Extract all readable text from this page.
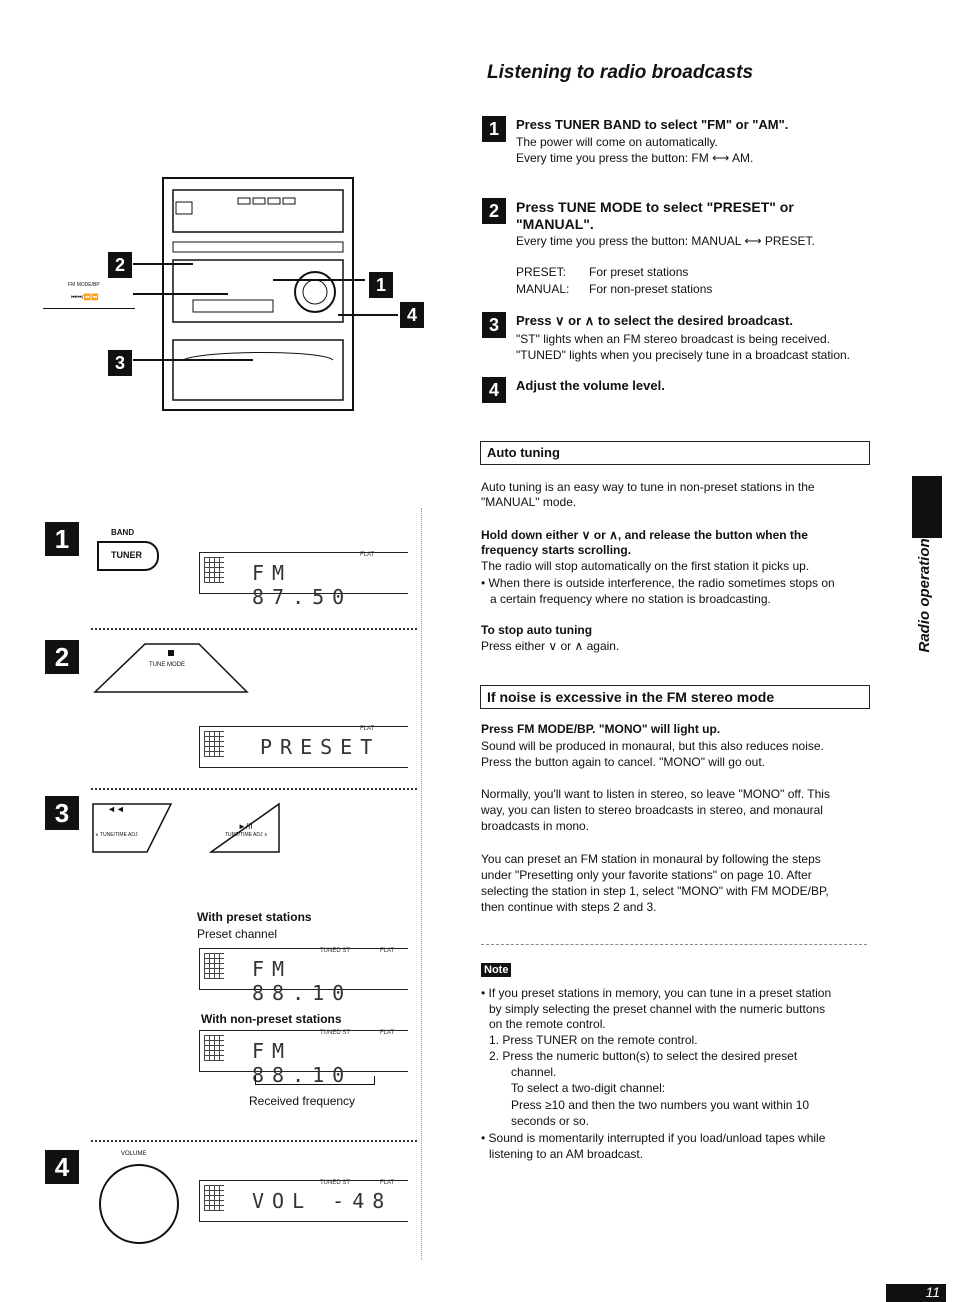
2
3
1
4
FM MODE/BP
⏮⏮/⏪⏪
1	BAND
TUNER	FLAT
FM 87.50
2	TUNE MODE
FLAT
PRESET
3	◄◄
∨ TUNE/TIME ADJ
►/II
TUNE/TIME ADJ ∧
With preset stations
Preset channel
TUNED ST	FLAT
FM 88.10
With non-preset stations
TUNED ST	FLAT
FM 88.10
Received frequency
4	VOLUME
TUNED ST	FLAT
VOL -48
Listening to radio broadcasts
1	Press TUNER BAND to select "FM" or "AM".
The power will come on automatically.
Every time you press the button: FM ⟷ AM.
2	Press TUNE MODE to select "PRESET" or "MANUAL".
Every time you press the button: MANUAL ⟷ PRESET.
PRESET: For preset stations
MANUAL: For non-preset stations
3	Press ∨ or ∧ to select the desired broadcast.
"ST" lights when an FM stereo broadcast is being received.
"TUNED" lights when you precisely tune in a broadcast station.
4	Adjust the volume level.
Auto tuning
Auto tuning is an easy way to tune in non-preset stations in the
"MANUAL" mode.
Hold down either ∨ or ∧, and release the button when the
frequency starts scrolling.
The radio will stop automatically on the first station it picks up.
• When there is outside interference, the radio sometimes stops on
a certain frequency where no station is broadcasting.
To stop auto tuning
Press either ∨ or ∧ again.
If noise is excessive in the FM stereo mode
Press FM MODE/BP. "MONO" will light up.
Sound will be produced in monaural, but this also reduces noise.
Press the button again to cancel. "MONO" will go out.
Normally, you'll want to listen in stereo, so leave "MONO" off. This
way, you can listen to stereo broadcasts in stereo, and monaural
broadcasts in mono.
You can preset an FM station in monaural by following the steps
under "Presetting only your favorite stations" on page 10. After
selecting the station in step 1, select "MONO" with FM MODE/BP,
then continue with steps 2 and 3.
Note
• If you preset stations in memory, you can tune in a preset station
by simply selecting the preset channel with the numeric buttons
on the remote control.
1. Press TUNER on the remote control.
2. Press the numeric button(s) to select the desired preset
channel.
To select a two-digit channel:
Press ≥10 and then the two numbers you want within 10
seconds or so.
• Sound is momentarily interrupted if you load/unload tapes while
listening to an AM broadcast.
Radio operations
11
